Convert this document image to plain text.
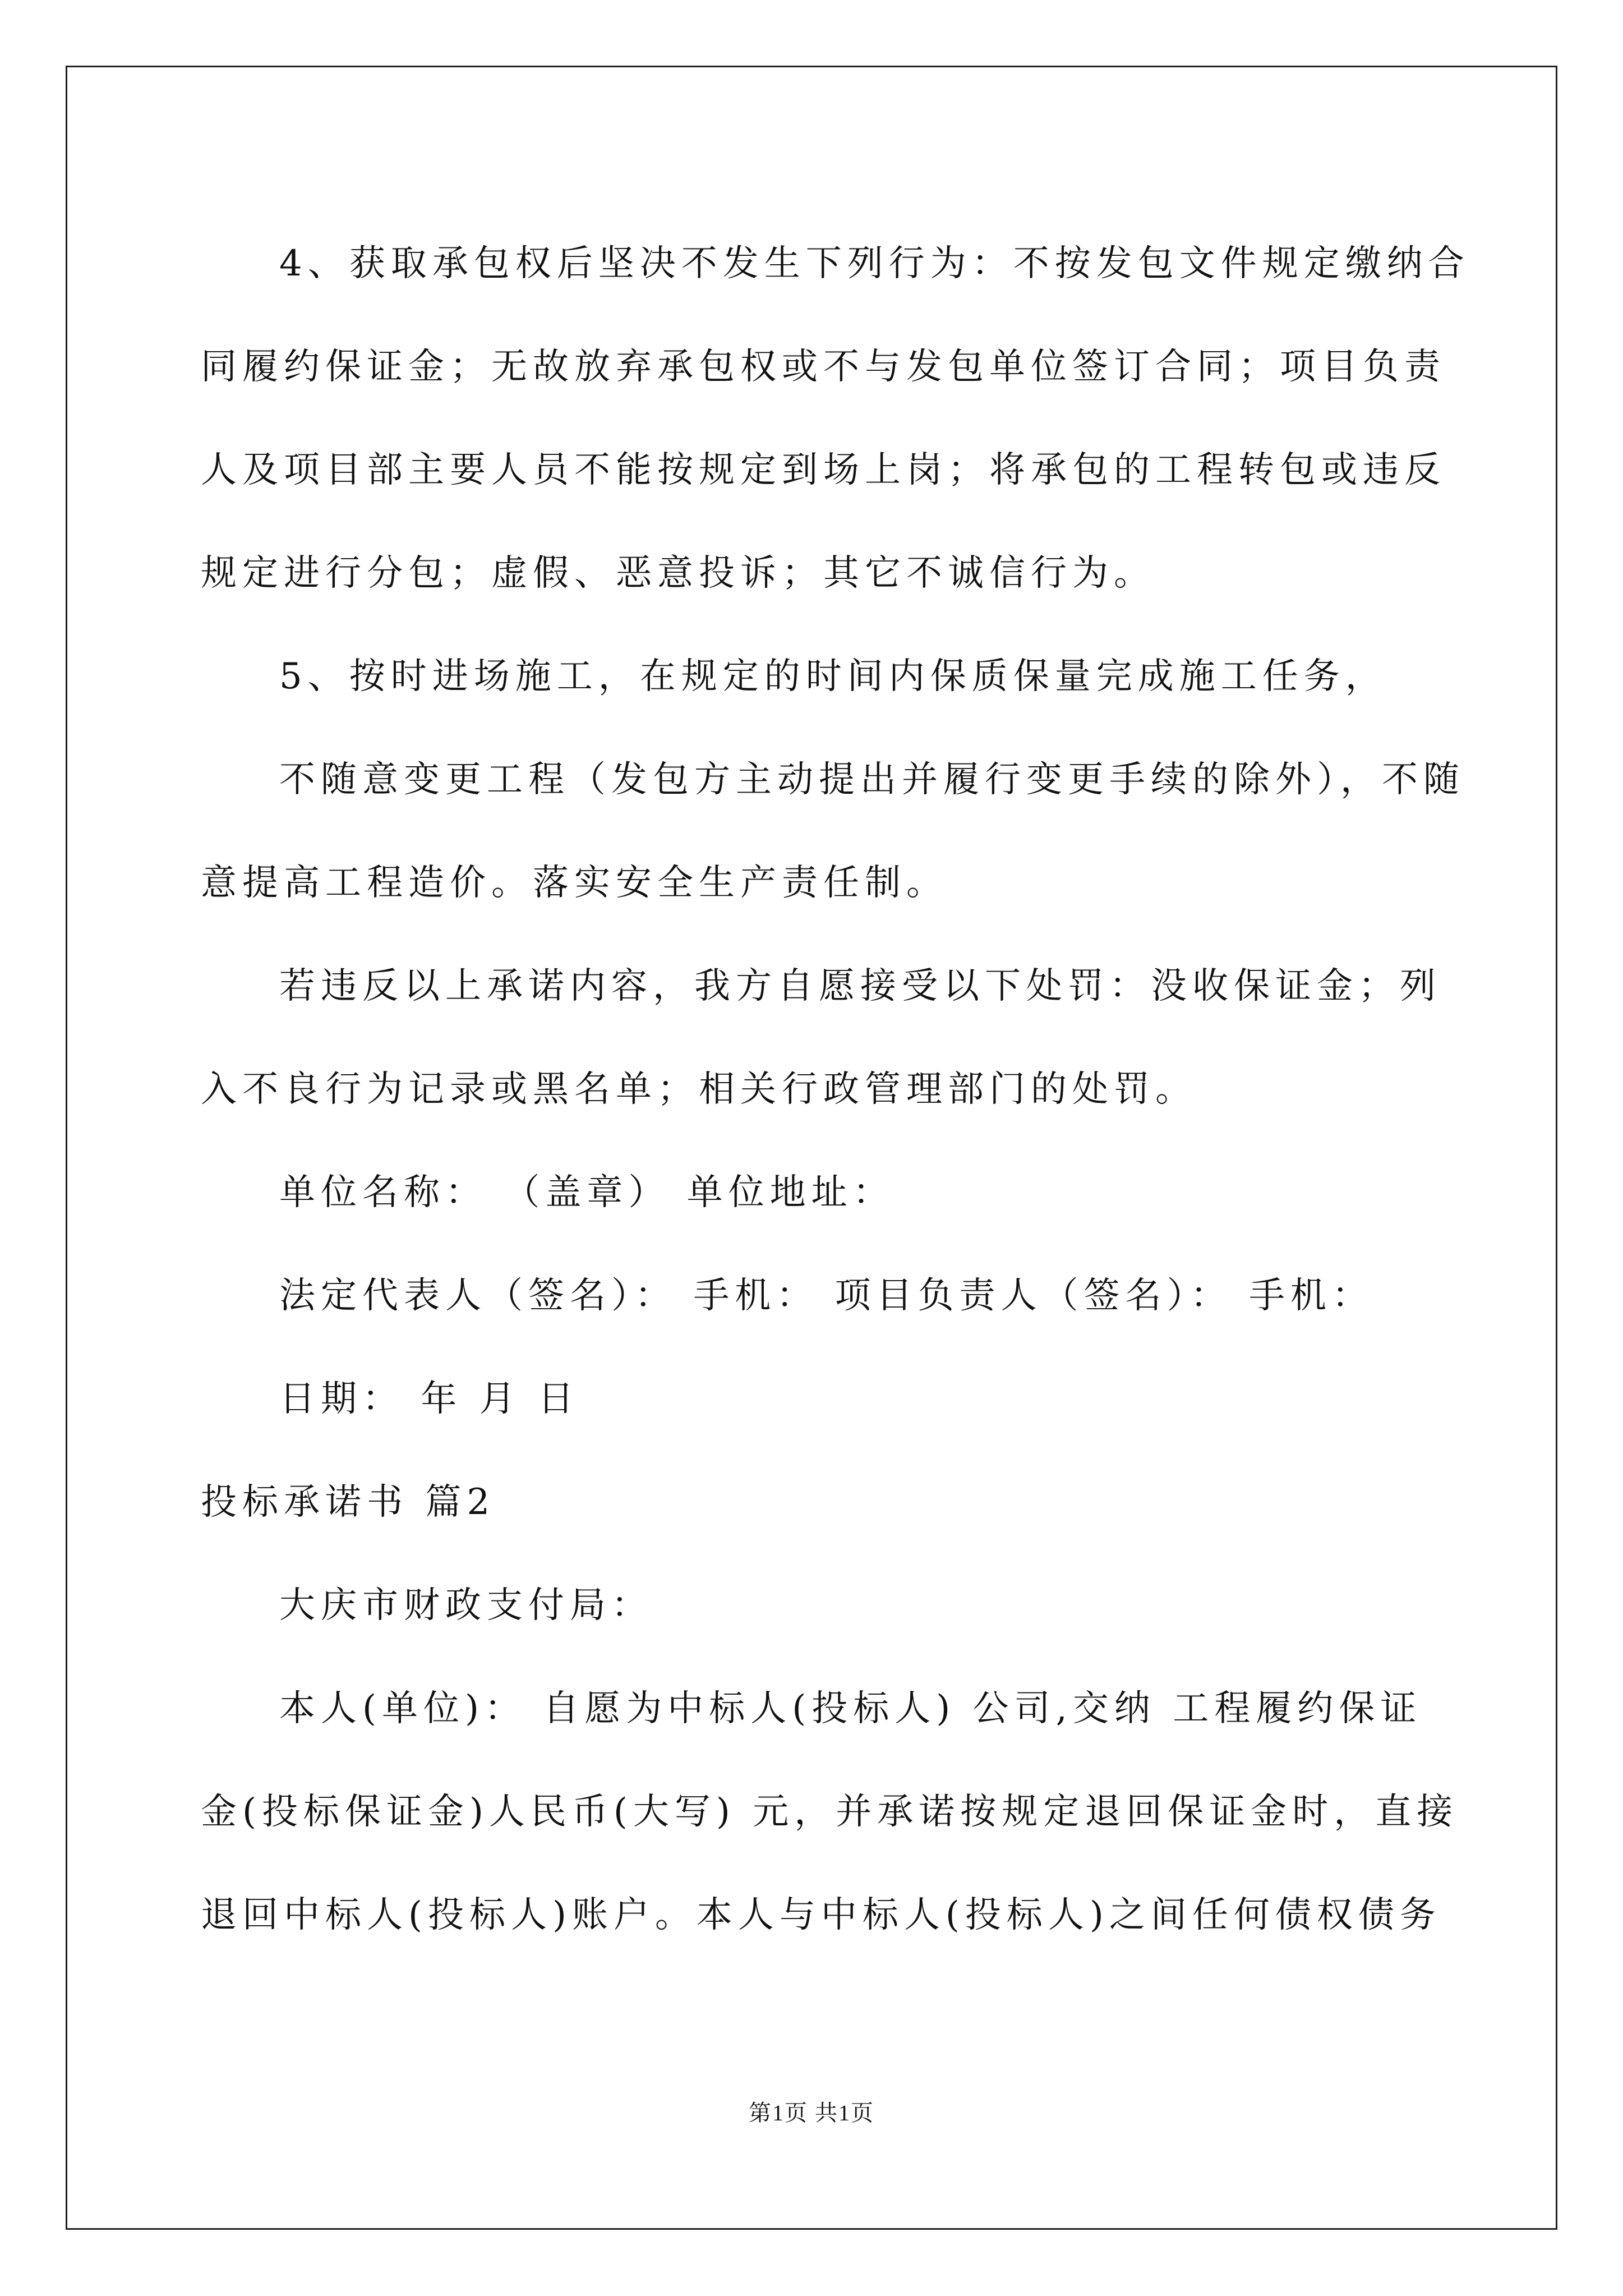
4、获取承包权后坚决不发生下列行为：不按发包文件规定缴纳合

同履约保证金；无故放弃承包权或不与发包单位签订合同；项目负责

人及项目部主要人员不能按规定到场上岗；将承包的工程转包或违反

规定进行分包；虚假、恶意投诉；其它不诚信行为。

5、按时进场施工，在规定的时间内保质保量完成施工任务，

不随意变更工程（发包方主动提出并履行变更手续的除外），不随

意提高工程造价。落实安全生产责任制。

若违反以上承诺内容，我方自愿接受以下处罚：没收保证金；列

入不良行为记录或黑名单；相关行政管理部门的处罚。

单位名称： （盖章） 单位地址：

法定代表人（签名）： 手机： 项目负责人（签名）： 手机：

日期： 年 月 日

投标承诺书 篇2

大庆市财政支付局：

本人(单位)： 自愿为中标人(投标人) 公司,交纳 工程履约保证

金(投标保证金)人民币(大写) 元，并承诺按规定退回保证金时，直接

退回中标人(投标人)账户。本人与中标人(投标人)之间任何债权债务

第1页 共1页
